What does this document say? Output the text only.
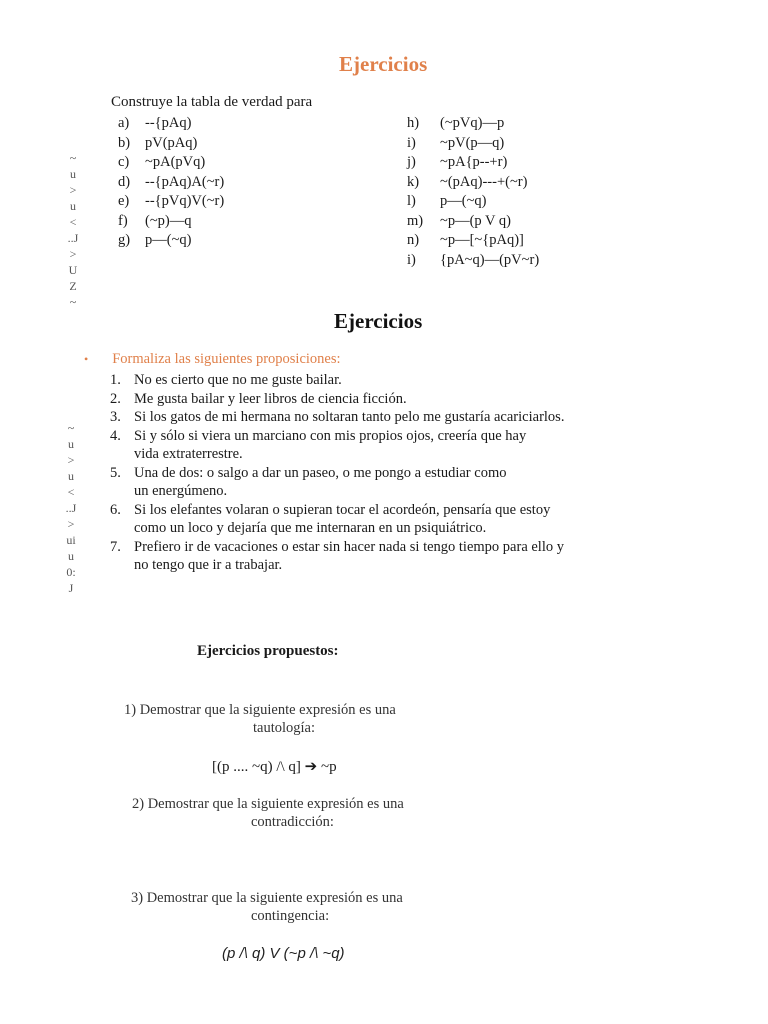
Ejercicios
Construye la tabla de verdad para
a) --{pAq)
b) pV(pAq)
c) ~pA(pVq)
d) --{pAq)A(~r)
e) --{pVq)V(~r)
f) (~p)—q
g) p—(~q)
h) (~pVq)—p
i) ~pV(p—q)
j) ~pA{p--+r)
k) ~(pAq)---+(~r)
l) p—(~q)
m) ~p—(p V q)
n) ~p—[~{pAq)]
i) {pA~q)—(pV~r)
~
u
>
u
<
..J
>
U
Z
~
Ejercicios
• Formaliza las siguientes proposiciones:
~
u
>
u
<
..J
>
ui
u
0:
J
1. No es cierto que no me guste bailar.
2. Me gusta bailar y leer libros de ciencia ficción.
3. Si los gatos de mi hermana no soltaran tanto pelo me gustaría acariciarlos.
4. Si y sólo si viera un marciano con mis propios ojos, creería que hay
vida extraterrestre.
5. Una de dos: o salgo a dar un paseo, o me pongo a estudiar como
un energúmeno.
6. Si los elefantes volaran o supieran tocar el acordeón, pensaría que estoy
como un loco y dejaría que me internaran en un psiquiátrico.
7. Prefiero ir de vacaciones o estar sin hacer nada si tengo tiempo para ello y
no tengo que ir a trabajar.
Ejercicios propuestos:
1) Demostrar que la siguiente expresión es una
tautología:
[(p .... ~q) /\ q] ➔ ~p
2) Demostrar que la siguiente expresión es una
contradicción:
3) Demostrar que la siguiente expresión es una
contingencia:
(p /\ q) V (~p /\ ~q)
